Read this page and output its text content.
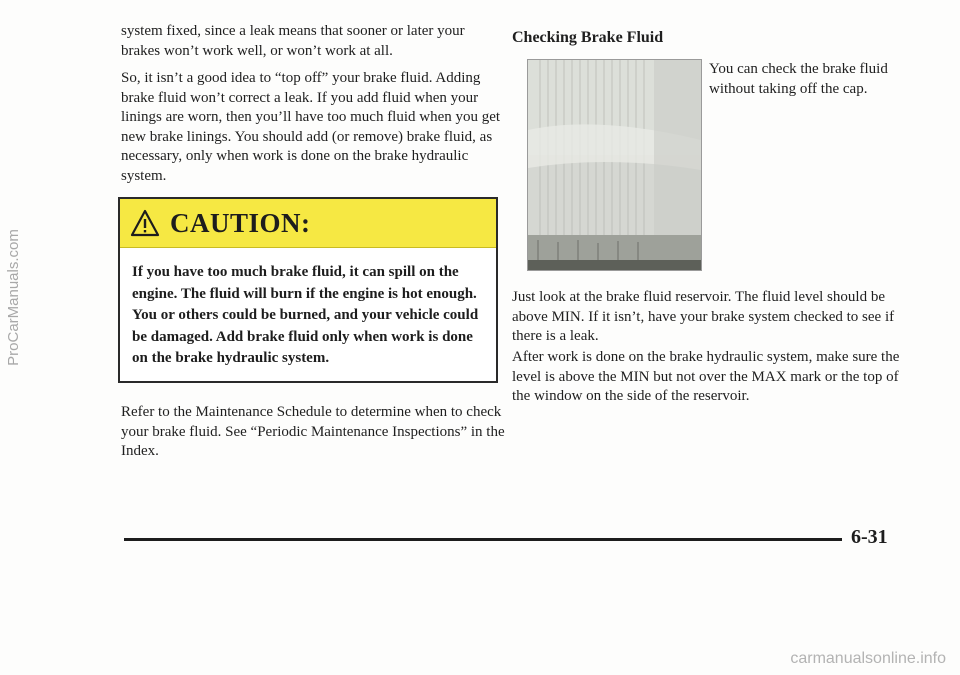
ProCarManuals.com

system fixed, since a leak means that sooner or later your brakes won’t work well, or won’t work at all.

So, it isn’t a good idea to “top off” your brake fluid. Adding brake fluid won’t correct a leak. If you add fluid when your linings are worn, then you’ll have too much fluid when you get new brake linings. You should add (or remove) brake fluid, as necessary, only when work is done on the brake hydraulic system.

CAUTION:
If you have too much brake fluid, it can spill on the engine. The fluid will burn if the engine is hot enough. You or others could be burned, and your vehicle could be damaged. Add brake fluid only when work is done on the brake hydraulic system.

Refer to the Maintenance Schedule to determine when to check your brake fluid. See “Periodic Maintenance Inspections” in the Index.

Checking Brake Fluid

You can check the brake fluid without taking off the cap.

Just look at the brake fluid reservoir. The fluid level should be above MIN. If it isn’t, have your brake system checked to see if there is a leak.

After work is done on the brake hydraulic system, make sure the level is above the MIN but not over the MAX mark or the top of the window on the side of the reservoir.

6-31
carmanualsonline.info
